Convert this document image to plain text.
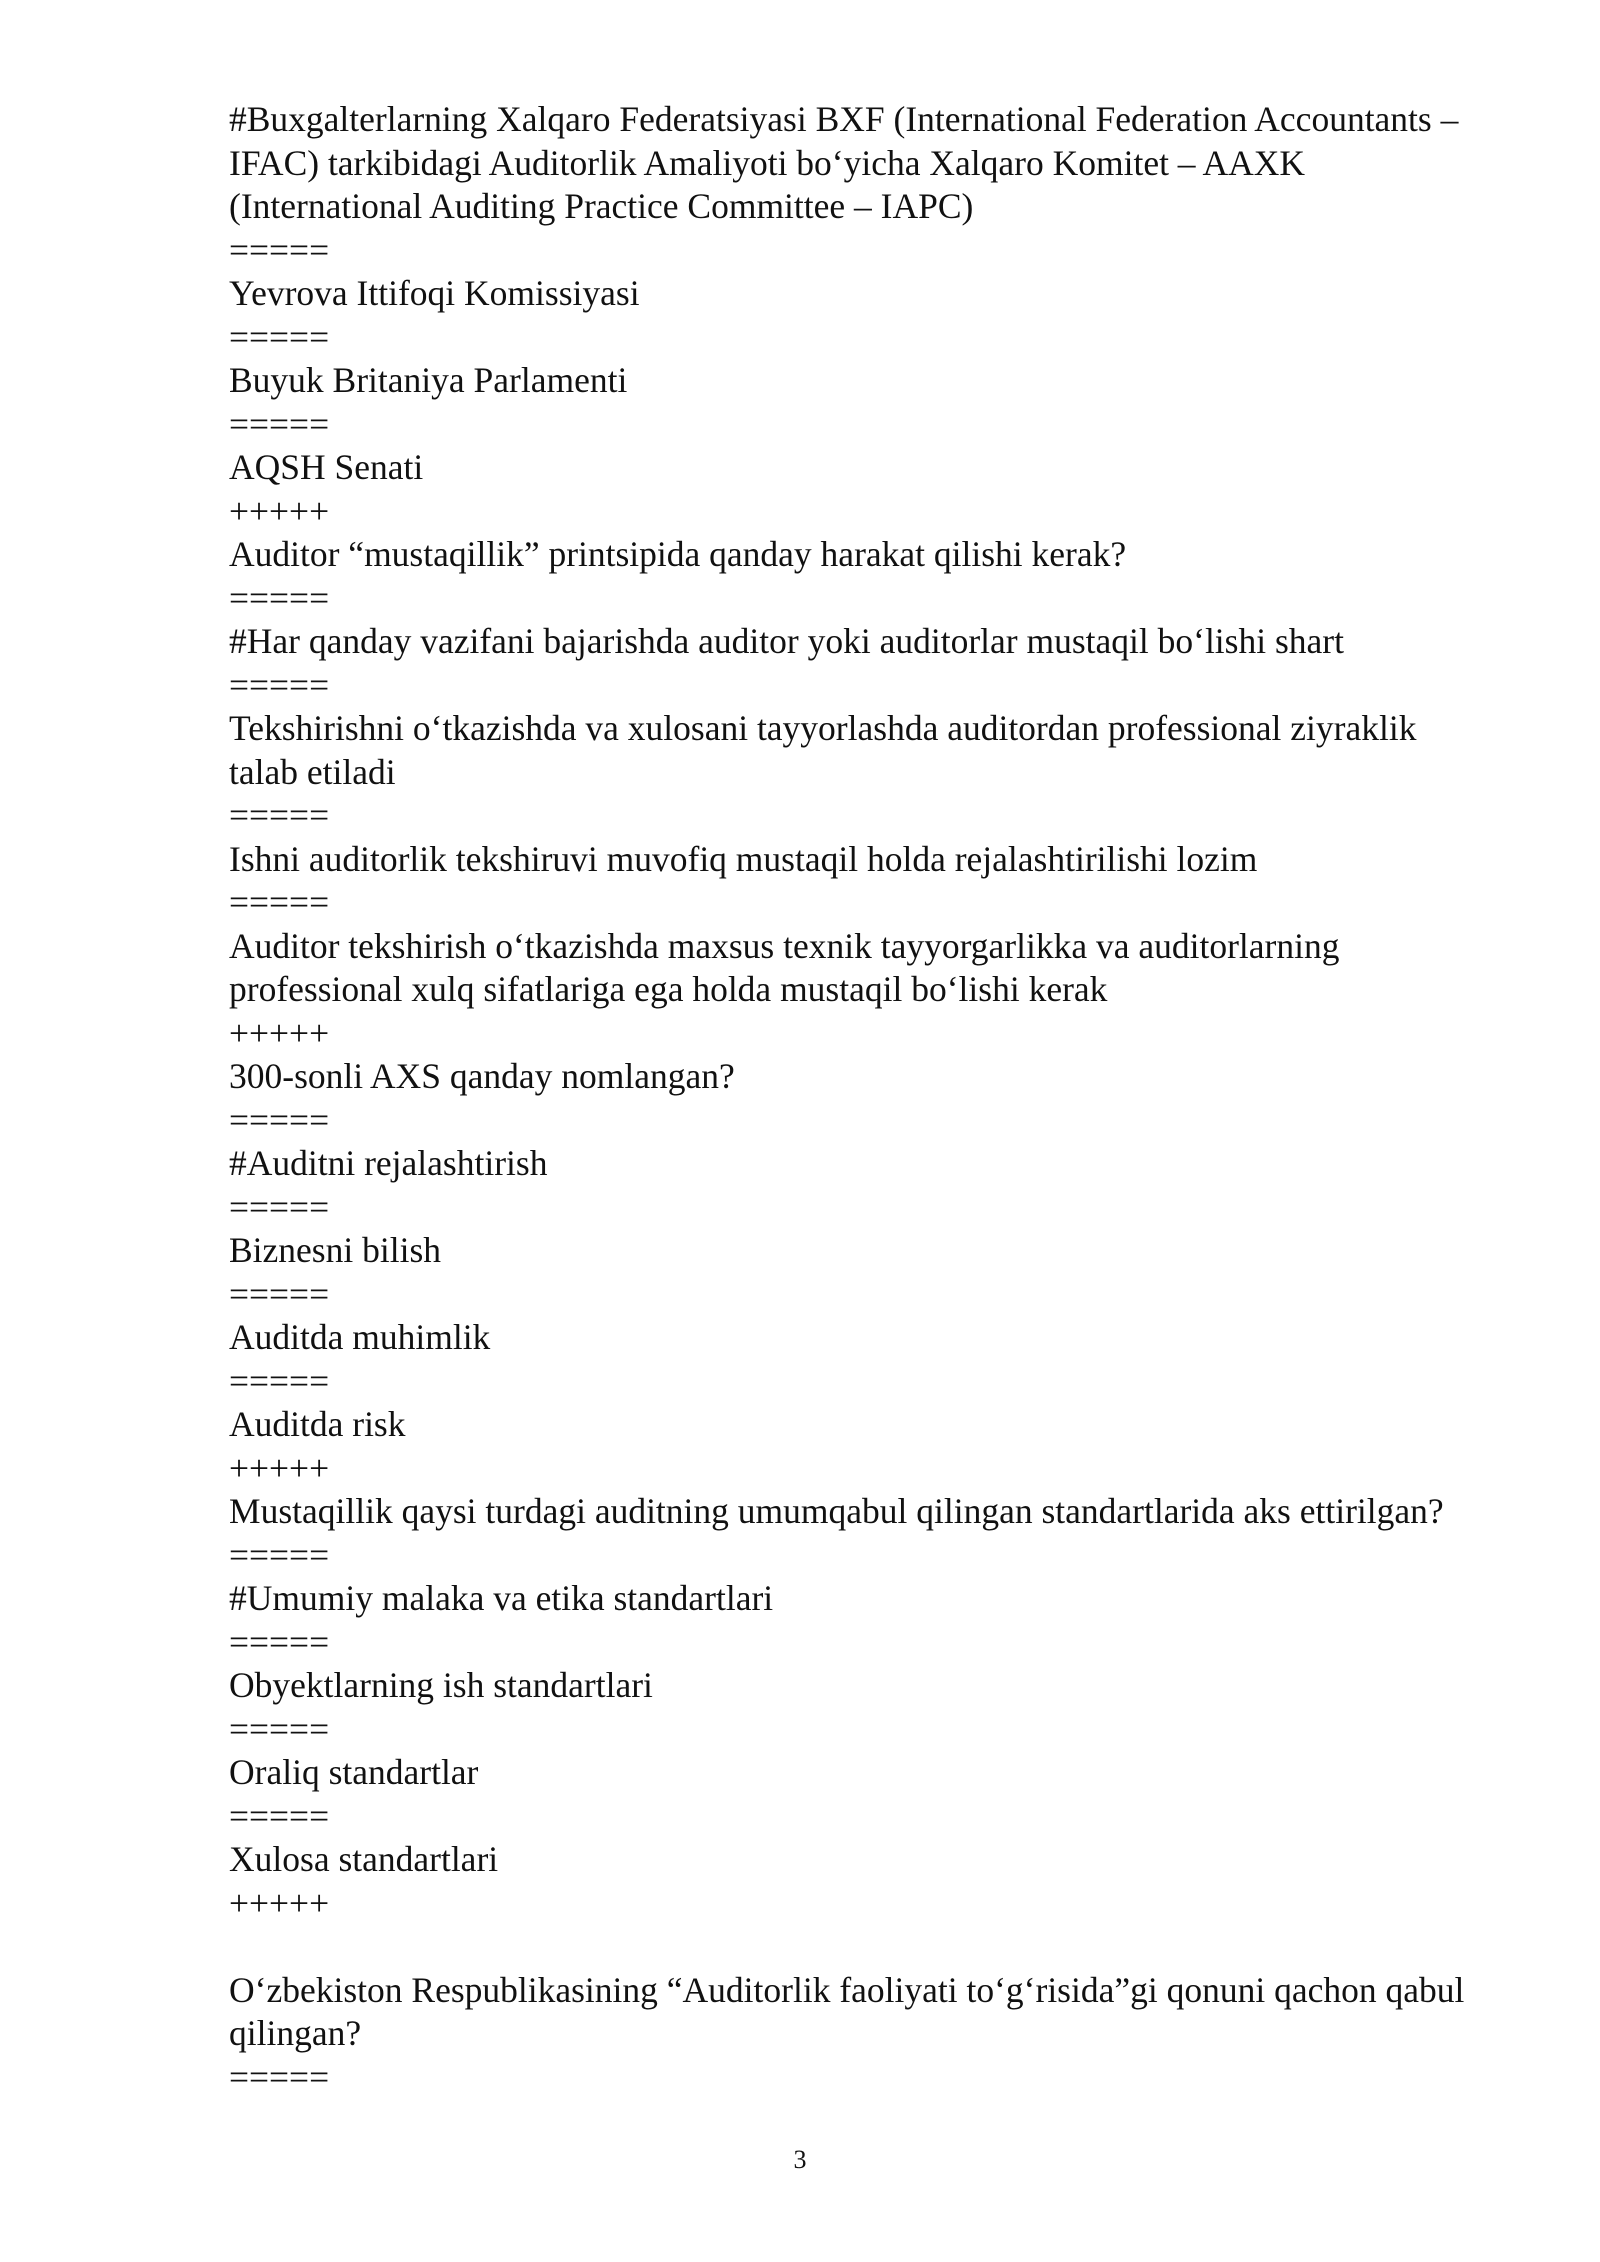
#Buxgalterlarning Xalqaro Federatsiyasi BXF (International Federation Accountants – IFAC) tarkibidagi Auditorlik Amaliyoti bo‘yicha Xalqaro Komitet – AAXK (International Auditing Practice Committee – IAPC)

=====

Yevrova Ittifoqi Komissiyasi

=====

Buyuk Britaniya Parlamenti

=====

AQSH Senati

+++++

Auditor “mustaqillik” printsipida qanday harakat qilishi kerak?

=====

#Har qanday vazifani bajarishda auditor yoki auditorlar mustaqil bo‘lishi shart

=====

Tekshirishni o‘tkazishda va xulosani tayyorlashda auditordan professional ziyraklik talab etiladi

=====

Ishni auditorlik tekshiruvi muvofiq mustaqil holda rejalashtirilishi lozim

=====

Auditor tekshirish o‘tkazishda maxsus texnik tayyorgarlikka va auditorlarning professional xulq sifatlariga ega holda mustaqil bo‘lishi kerak

+++++

300-sonli AXS qanday nomlangan?

=====

#Auditni rejalashtirish

=====

Biznesni bilish

=====

Auditda muhimlik

=====

Auditda risk

+++++

Mustaqillik qaysi turdagi auditning umumqabul qilingan standartlarida aks ettirilgan?

=====

#Umumiy malaka va etika standartlari

=====

Obyektlarning ish standartlari

=====

Oraliq standartlar

=====

Xulosa standartlari

+++++

O‘zbekiston Respublikasining “Auditorlik faoliyati to‘g‘risida”gi qonuni qachon qabul qilingan?

=====

3
